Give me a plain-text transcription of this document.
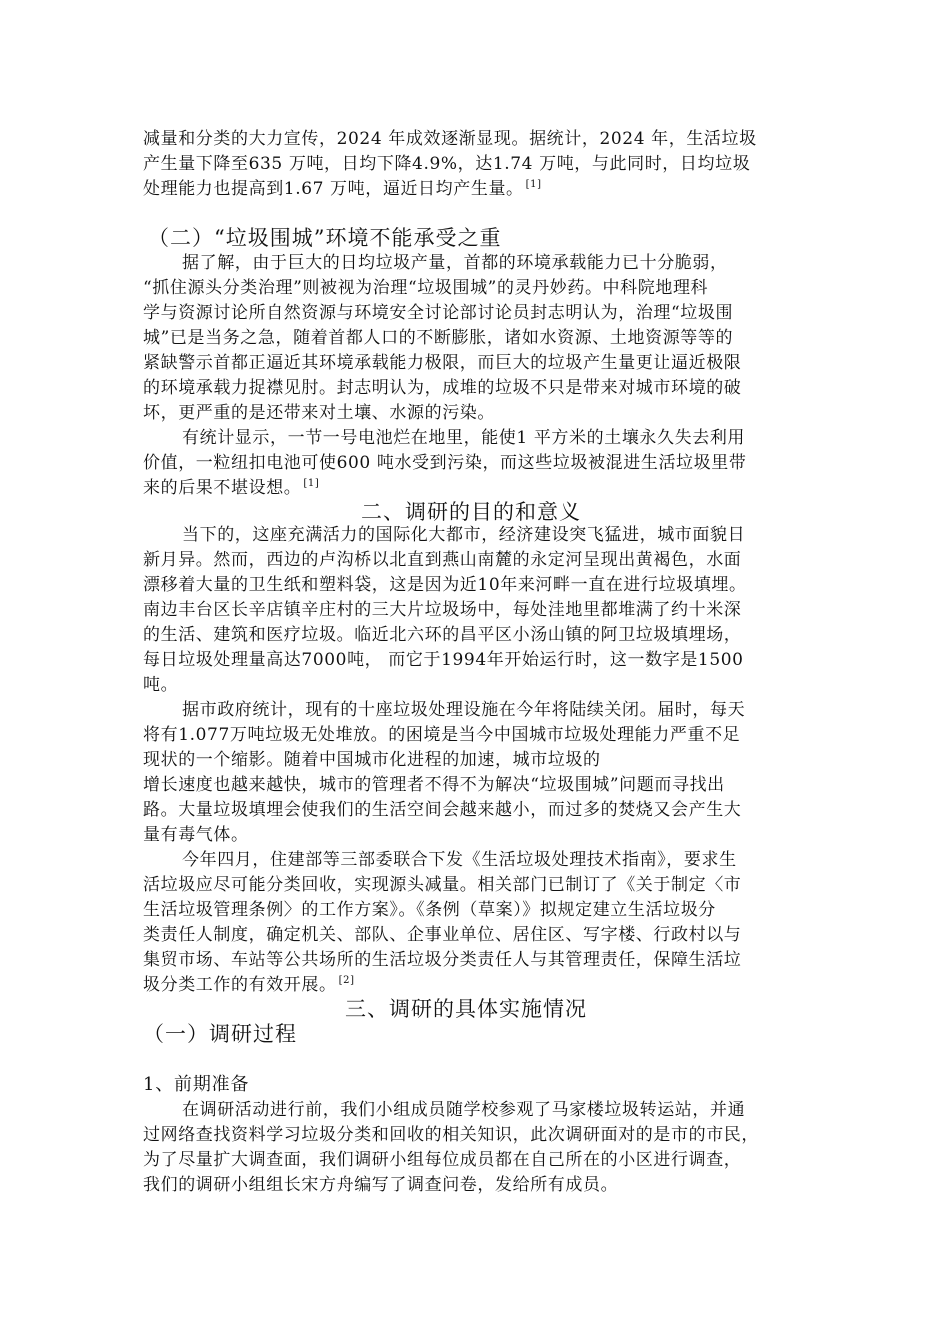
减量和分类的大力宣传，2024 年成效逐渐显现。据统计，2024 年，生活垃圾
产生量下降至635 万吨，日均下降4.9%，达1.74 万吨，与此同时，日均垃圾
处理能力也提高到1.67 万吨，逼近日均产生量。 [1]
（二）“垃圾围城”环境不能承受之重
据了解，由于巨大的日均垃圾产量，首都的环境承载能力已十分脆弱，
“抓住源头分类治理”则被视为治理“垃圾围城”的灵丹妙药。中科院地理科
学与资源讨论所自然资源与环境安全讨论部讨论员封志明认为，治理“垃圾围
城”已是当务之急，随着首都人口的不断膨胀，诸如水资源、土地资源等等的
紧缺警示首都正逼近其环境承载能力极限，而巨大的垃圾产生量更让逼近极限
的环境承载力捉襟见肘。封志明认为，成堆的垃圾不只是带来对城市环境的破
坏，更严重的是还带来对土壤、水源的污染。
有统计显示，一节一号电池烂在地里，能使1 平方米的土壤永久失去利用
价值，一粒纽扣电池可使600 吨水受到污染，而这些垃圾被混进生活垃圾里带
来的后果不堪设想。 [1]
二、调研的目的和意义
当下的，这座充满活力的国际化大都市，经济建设突飞猛进，城市面貌日
新月异。然而，西边的卢沟桥以北直到燕山南麓的永定河呈现出黄褐色，水面
漂移着大量的卫生纸和塑料袋，这是因为近10年来河畔一直在进行垃圾填埋。
南边丰台区长辛店镇辛庄村的三大片垃圾场中，每处洼地里都堆满了约十米深
的生活、建筑和医疗垃圾。临近北六环的昌平区小汤山镇的阿卫垃圾填埋场，
每日垃圾处理量高达7000吨， 而它于1994年开始运行时，这一数字是1500
吨。
据市政府统计，现有的十座垃圾处理设施在今年将陆续关闭。届时，每天
将有1.077万吨垃圾无处堆放。的困境是当今中国城市垃圾处理能力严重不足
现状的一个缩影。随着中国城市化进程的加速，城市垃圾的
增长速度也越来越快，城市的管理者不得不为解决“垃圾围城”问题而寻找出
路。大量垃圾填埋会使我们的生活空间会越来越小，而过多的焚烧又会产生大
量有毒气体。
今年四月，住建部等三部委联合下发《生活垃圾处理技术指南》，要求生
活垃圾应尽可能分类回收，实现源头减量。相关部门已制订了《关于制定〈市
生活垃圾管理条例〉的工作方案》。《条例（草案）》拟规定建立生活垃圾分
类责任人制度，确定机关、部队、企事业单位、居住区、写字楼、行政村以与
集贸市场、车站等公共场所的生活垃圾分类责任人与其管理责任，保障生活垃
圾分类工作的有效开展。 [2]
三、调研的具体实施情况
（一）调研过程
1、前期准备
在调研活动进行前，我们小组成员随学校参观了马家楼垃圾转运站，并通
过网络查找资料学习垃圾分类和回收的相关知识，此次调研面对的是市的市民，
为了尽量扩大调查面，我们调研小组每位成员都在自己所在的小区进行调查，
我们的调研小组组长宋方舟编写了调查问卷，发给所有成员。
